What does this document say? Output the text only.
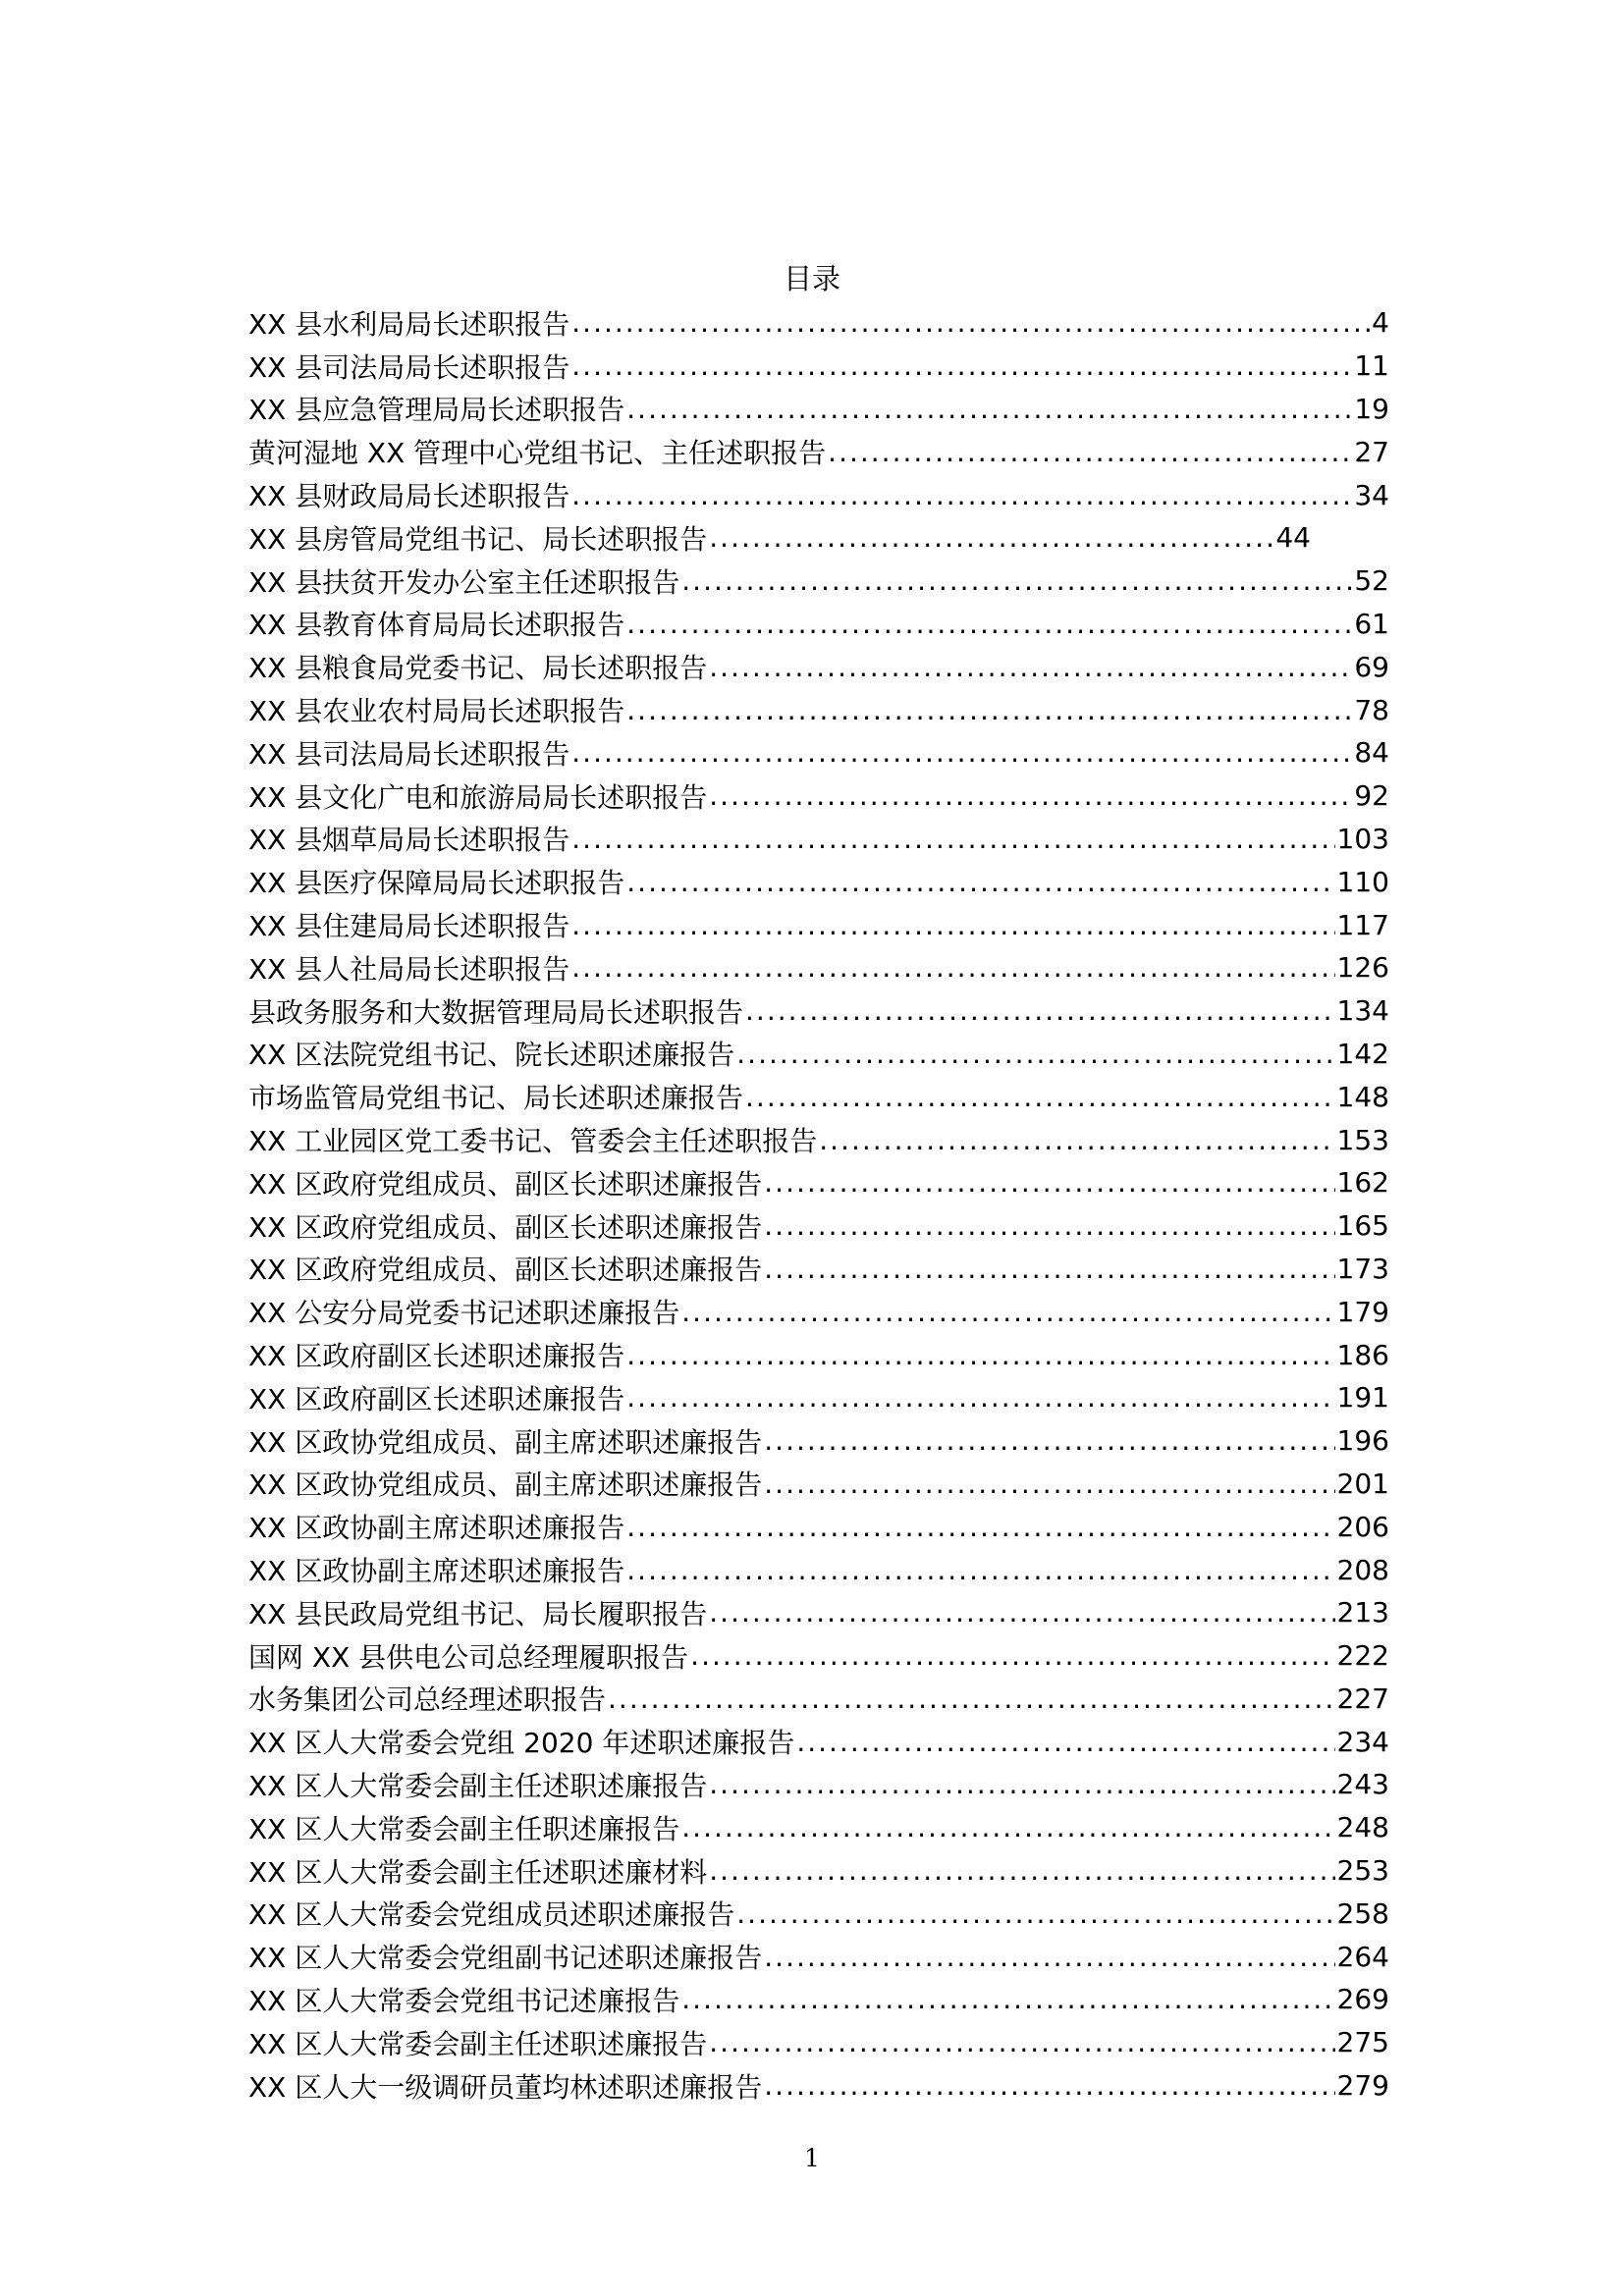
目录
XX 县水利局局长述职报告 .....	4
XX 县司法局局长述职报告 .....	11
XX 县应急管理局局长述职报告 .....	19
黄河湿地 XX 管理中心党组书记、主任述职报告 .....	27
XX 县财政局局长述职报告 .....	34
XX 县房管局党组书记、局长述职报告 .....	44
XX 县扶贫开发办公室主任述职报告 .....	52
XX 县教育体育局局长述职报告 .....	61
XX 县粮食局党委书记、局长述职报告 .....	69
XX 县农业农村局局长述职报告 .....	78
XX 县司法局局长述职报告 .....	84
XX 县文化广电和旅游局局长述职报告 .....	92
XX 县烟草局局长述职报告 .....	103
XX 县医疗保障局局长述职报告 .....	110
XX 县住建局局长述职报告 .....	117
XX 县人社局局长述职报告 .....	126
县政务服务和大数据管理局局长述职报告 .....	134
XX 区法院党组书记、院长述职述廉报告 .....	142
市场监管局党组书记、局长述职述廉报告 .....	148
XX 工业园区党工委书记、管委会主任述职报告 .....	153
XX 区政府党组成员、副区长述职述廉报告 .....	162
XX 区政府党组成员、副区长述职述廉报告 .....	165
XX 区政府党组成员、副区长述职述廉报告 .....	173
XX 公安分局党委书记述职述廉报告 .....	179
XX 区政府副区长述职述廉报告 .....	186
XX 区政府副区长述职述廉报告 .....	191
XX 区政协党组成员、副主席述职述廉报告 .....	196
XX 区政协党组成员、副主席述职述廉报告 .....	201
XX 区政协副主席述职述廉报告 .....	206
XX 区政协副主席述职述廉报告 .....	208
XX 县民政局党组书记、局长履职报告 .....	213
国网 XX 县供电公司总经理履职报告 .....	222
水务集团公司总经理述职报告 .....	227
XX 区人大常委会党组 2020 年述职述廉报告 .....	234
XX 区人大常委会副主任述职述廉报告 .....	243
XX 区人大常委会副主任职述廉报告 .....	248
XX 区人大常委会副主任述职述廉材料 .....	253
XX 区人大常委会党组成员述职述廉报告 .....	258
XX 区人大常委会党组副书记述职述廉报告 .....	264
XX 区人大常委会党组书记述廉报告 .....	269
XX 区人大常委会副主任述职述廉报告 .....	275
XX 区人大一级调研员董均林述职述廉报告 .....	279
1
